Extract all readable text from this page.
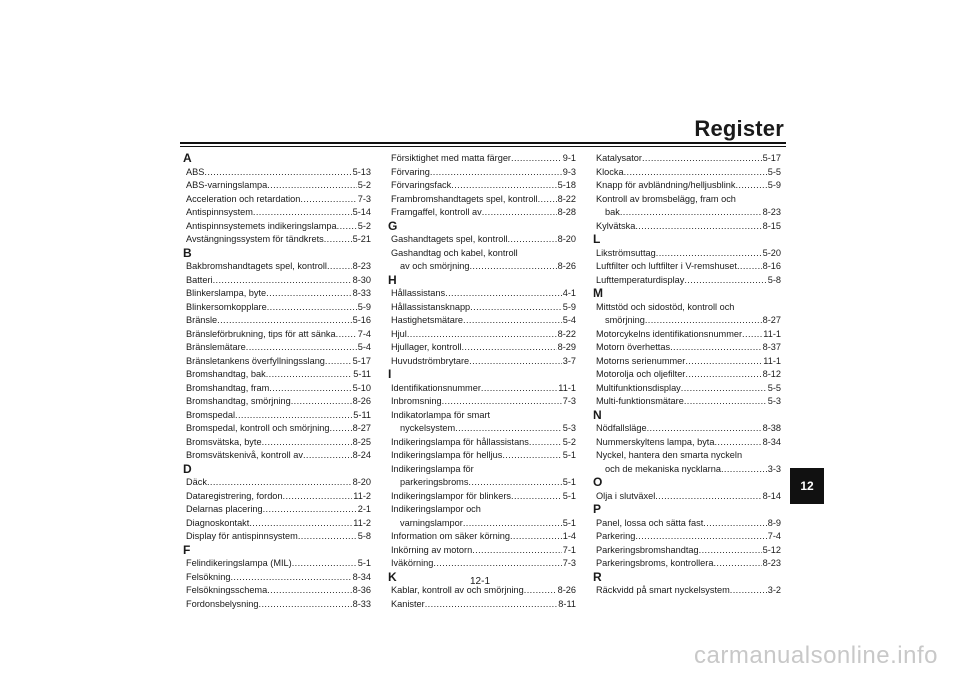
Register
A
ABS .....	5-13
ABS-varningslampa .....	5-2
Acceleration och retardation .....	7-3
Antispinnsystem .....	5-14
Antispinnsystemets indikeringslampa ..... 5-2
Avstängningssystem för tändkrets .....	5-21
B
Bakbromshandtagets spel, kontroll .....	8-23
Batteri .....	8-30
Blinkerslampa, byte .....	8-33
Blinkersomkopplare .....	5-9
Bränsle .....	5-16
Bränsleförbrukning, tips för att sänka ..... 7-4
Bränslemätare .....	5-4
Bränsletankens överfyllningsslang .....	5-17
Bromshandtag, bak .....	5-11
Bromshandtag, fram .....	5-10
Bromshandtag, smörjning .....	8-26
Bromspedal .....	5-11
Bromspedal, kontroll och smörjning .....	8-27
Bromsvätska, byte .....	8-25
Bromsvätskenivå, kontroll av .....	8-24
D
Däck .....	8-20
Dataregistrering, fordon .....	11-2
Delarnas placering .....	2-1
Diagnoskontakt .....	11-2
Display för antispinnsystem .....	5-8
F
Felindikeringslampa (MIL) .....	5-1
Felsökning .....	8-34
Felsökningsschema .....	8-36
Fordonsbelysning .....	8-33
Försiktighet med matta färger .....	9-1
Förvaring .....	9-3
Förvaringsfack .....	5-18
Frambromshandtagets spel, kontroll ..... 8-22
Framgaffel, kontroll av .....	8-28
G
Gashandtagets spel, kontroll .....	8-20
Gashandtag och kabel, kontroll
av och smörjning .....	8-26
H
Hållassistans .....	4-1
Hållassistansknapp .....	5-9
Hastighetsmätare .....	5-4
Hjul .....	8-22
Hjullager, kontroll .....	8-29
Huvudströmbrytare .....	3-7
I
Identifikationsnummer .....	11-1
Inbromsning .....	7-3
Indikatorlampa för smart
nyckelsystem .....	5-3
Indikeringslampa för hållassistans .....	5-2
Indikeringslampa för helljus .....	5-1
Indikeringslampa för
parkeringsbroms .....	5-1
Indikeringslampor för blinkers .....	5-1
Indikeringslampor och
varningslampor .....	5-1
Information om säker körning .....	1-4
Inkörning av motorn .....	7-1
Iväkörning .....	7-3
K
Kablar, kontroll av och smörjning .....	8-26
Kanister .....	8-11
Katalysator .....	5-17
Klocka .....	5-5
Knapp för avbländning/helljusblink .....	5-9
Kontroll av bromsbelägg, fram och
bak .....	8-23
Kylvätska .....	8-15
L
Likströmsuttag .....	5-20
Luftfilter och luftfilter i V-remshuset .....	8-16
Lufttemperaturdisplay .....	5-8
M
Mittstöd och sidostöd, kontroll och
smörjning .....	8-27
Motorcykelns identifikationsnummer ..... 11-1
Motorn överhettas .....	8-37
Motorns serienummer .....	11-1
Motorolja och oljefilter .....	8-12
Multifunktionsdisplay .....	5-5
Multi-funktionsmätare .....	5-3
N
Nödfallsläge .....	8-38
Nummerskyltens lampa, byta .....	8-34
Nyckel, hantera den smarta nyckeln
och de mekaniska nycklarna .....	3-3
O
Olja i slutväxel .....	8-14
P
Panel, lossa och sätta fast .....	8-9
Parkering .....	7-4
Parkeringsbromshandtag .....	5-12
Parkeringsbroms, kontrollera .....	8-23
R
Räckvidd på smart nyckelsystem .....	3-2
12-1
12
carmanualsonline.info
